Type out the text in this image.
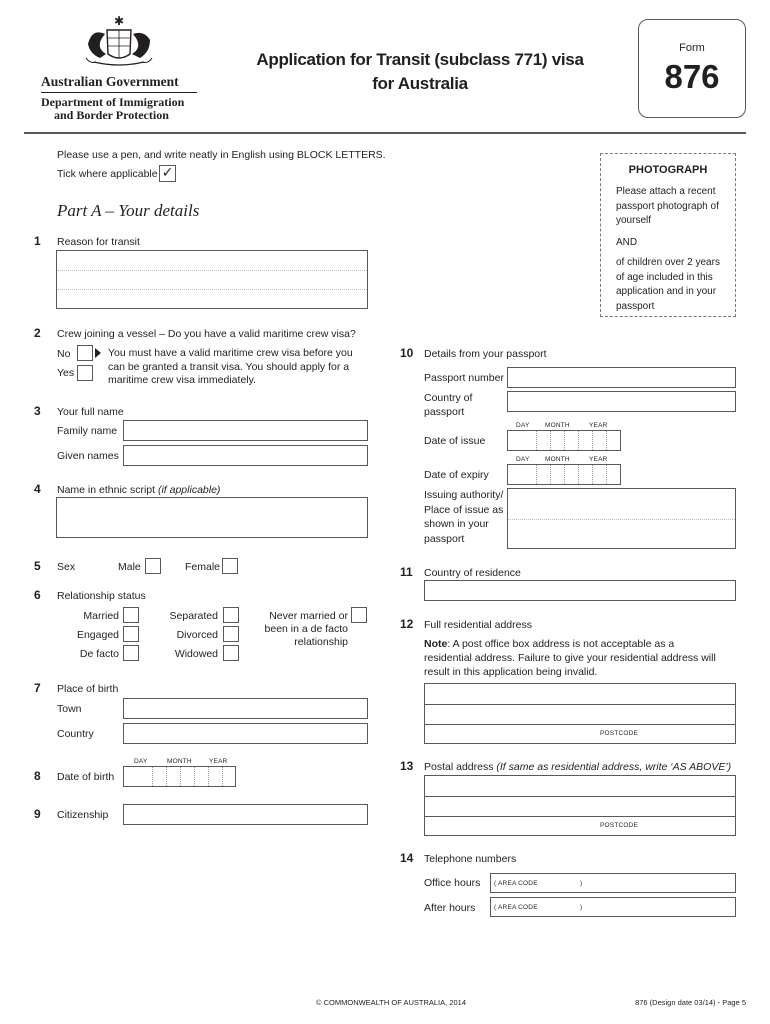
✱
Australian Government
Department of Immigration
and Border Protection
Application for Transit (subclass 771) visa
for Australia
Form
876
Please use a pen, and write neatly in English using BLOCK LETTERS.
Tick where applicable ✓	PHOTOGRAPH
Please attach a recent passport photograph of yourself
AND
of children over 2 years of age included in this application and in your passport
Part A – Your details
1 Reason for transit
2 Crew joining a vessel – Do you have a valid maritime crew visa?
No
Yes
You must have a valid maritime crew visa before you can be granted a transit visa. You should apply for a maritime crew visa immediately.
3 Your full name
Family name
Given names
4 Name in ethnic script (if applicable)
5 Sex	Male	Female
6 Relationship status
Married
Engaged
De facto
Separated
Divorced
Widowed
Never married or
been in a de facto
relationship
7 Place of birth
Town
Country
DAY	MONTH	YEAR
8 Date of birth
9 Citizenship
10 Details from your passport
Passport number
Country of
passport
DAY MONTH	YEAR
Date of issue
DAY MONTH	YEAR
Date of expiry
Issuing authority/
Place of issue as
shown in your
passport
11 Country of residence
12 Full residential address
Note: A post office box address is not acceptable as a residential address. Failure to give your residential address will result in this application being invalid.
POSTCODE
13 Postal address (If same as residential address, write ‘AS ABOVE’)
POSTCODE
14 Telephone numbers
Office hours ( AREA CODE	)
After hours	( AREA CODE	)
© COMMONWEALTH OF AUSTRALIA, 2014	876 (Design date 03/14) - Page 5
